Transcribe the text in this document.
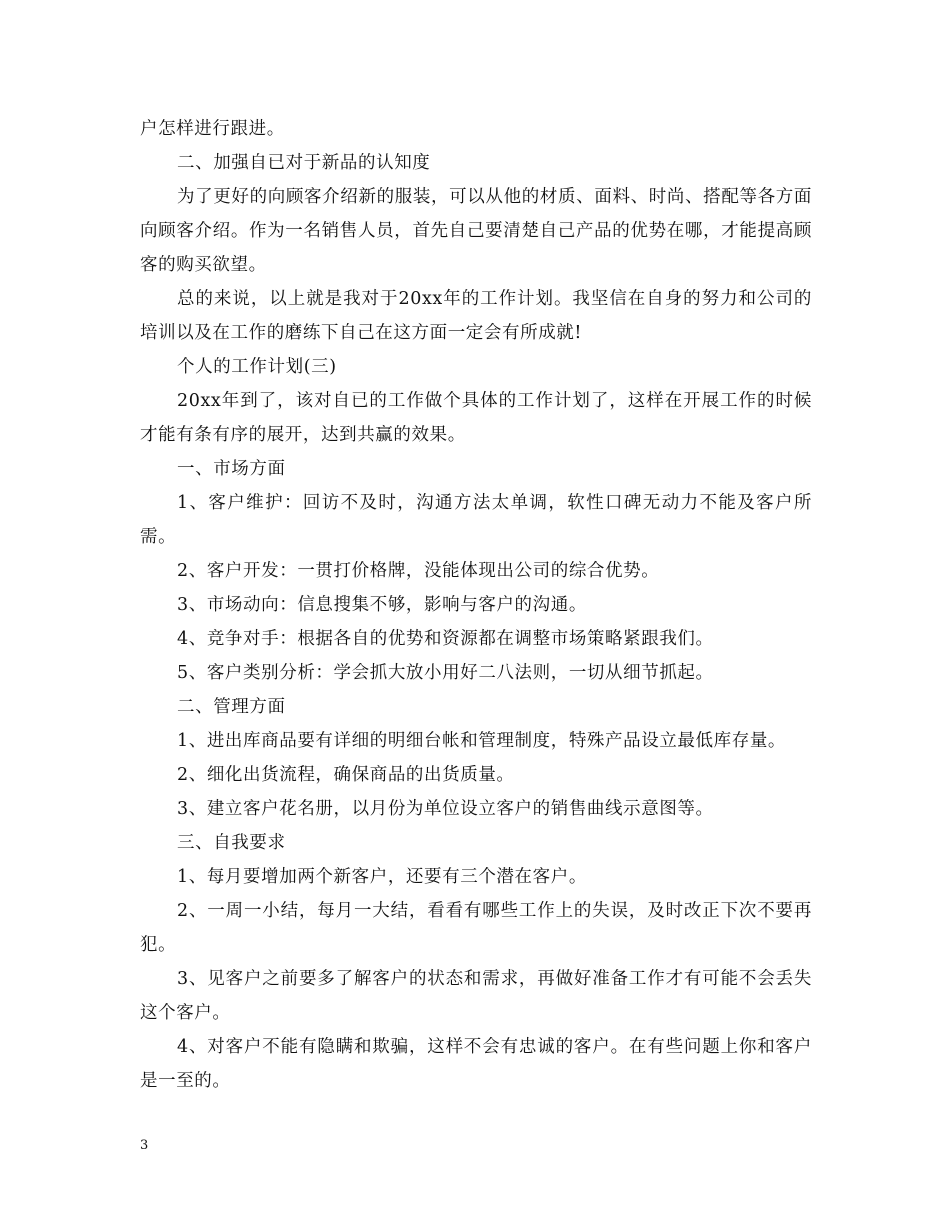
户怎样进行跟进。

二、加强自已对于新品的认知度

为了更好的向顾客介绍新的服装，可以从他的材质、面料、时尚、搭配等各方面向顾客介绍。作为一名销售人员，首先自己要清楚自己产品的优势在哪，才能提高顾客的购买欲望。

总的来说，以上就是我对于20xx年的工作计划。我坚信在自身的努力和公司的培训以及在工作的磨练下自己在这方面一定会有所成就!

个人的工作计划(三)

20xx年到了，该对自已的工作做个具体的工作计划了，这样在开展工作的时候才能有条有序的展开，达到共赢的效果。

一、市场方面

1、客户维护：回访不及时，沟通方法太单调，软性口碑无动力不能及客户所需。

2、客户开发：一贯打价格牌，没能体现出公司的综合优势。

3、市场动向：信息搜集不够，影响与客户的沟通。

4、竞争对手：根据各自的优势和资源都在调整市场策略紧跟我们。

5、客户类别分析：学会抓大放小用好二八法则，一切从细节抓起。

二、管理方面

1、进出库商品要有详细的明细台帐和管理制度，特殊产品设立最低库存量。

2、细化出货流程，确保商品的出货质量。

3、建立客户花名册，以月份为单位设立客户的销售曲线示意图等。

三、自我要求

1、每月要增加两个新客户，还要有三个潜在客户。

2、一周一小结，每月一大结，看看有哪些工作上的失误，及时改正下次不要再犯。

3、见客户之前要多了解客户的状态和需求，再做好准备工作才有可能不会丢失这个客户。

4、对客户不能有隐瞒和欺骗，这样不会有忠诚的客户。在有些问题上你和客户是一至的。

3
